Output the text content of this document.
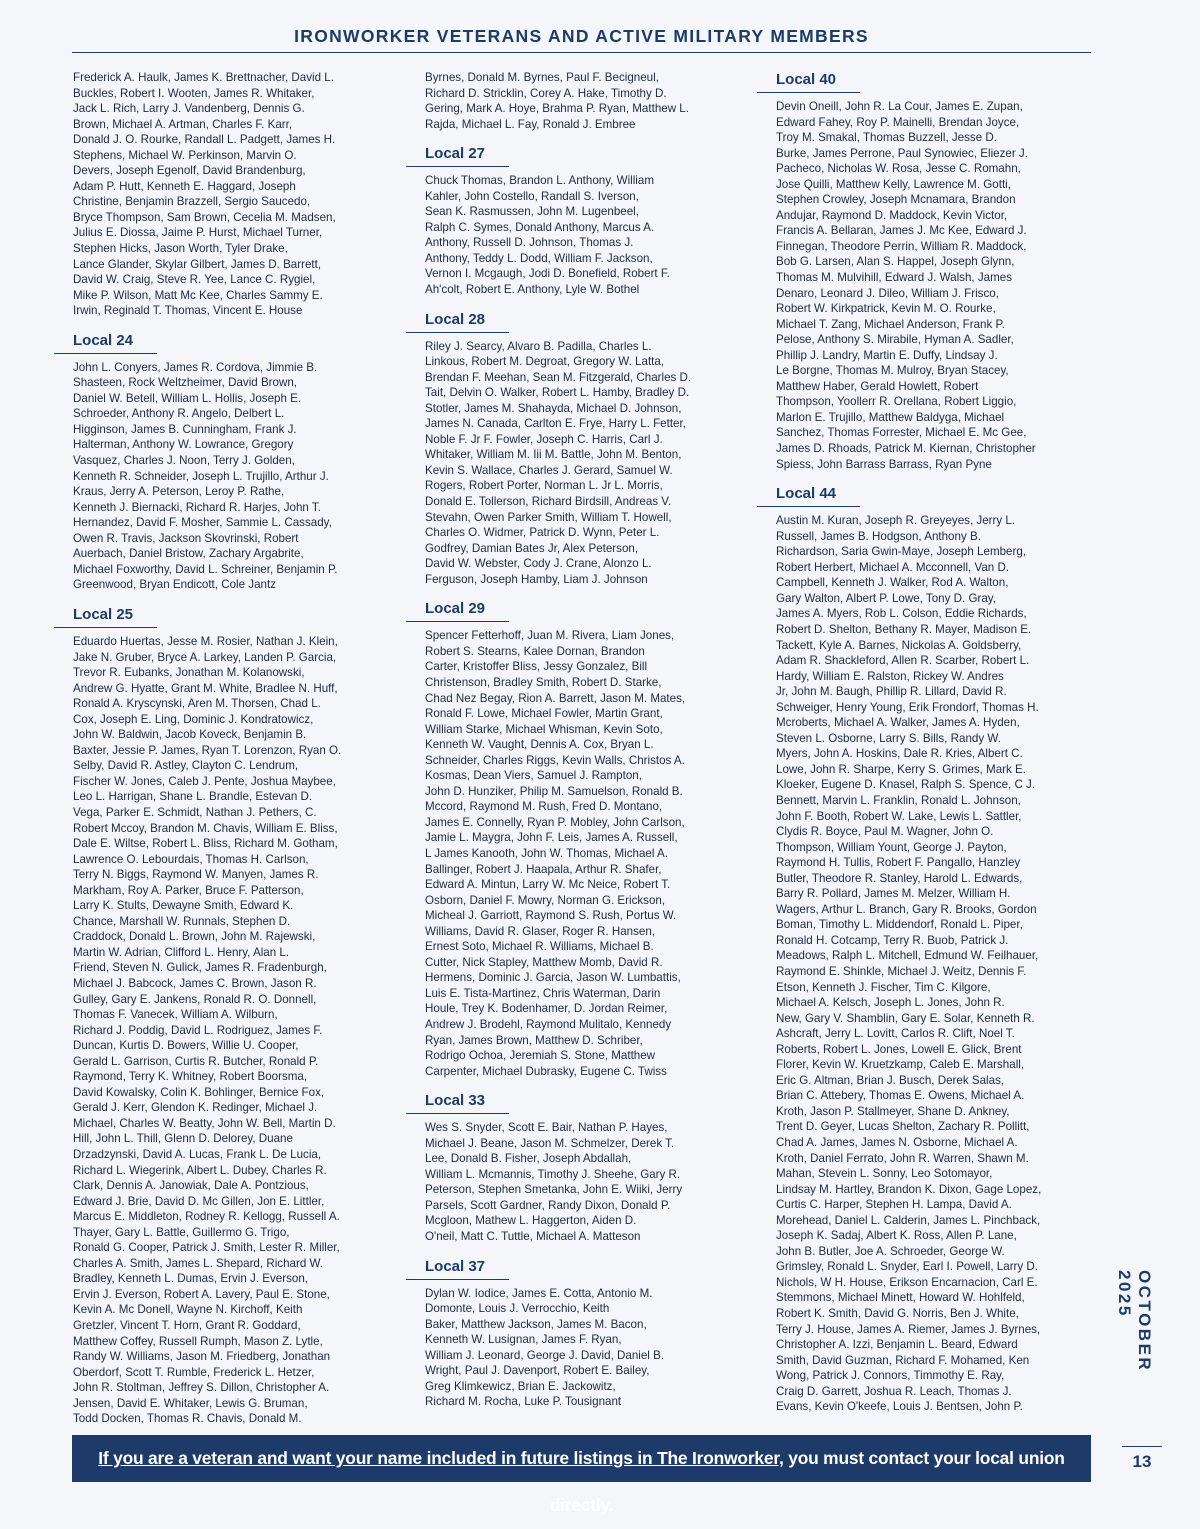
IRONWORKER VETERANS AND ACTIVE MILITARY MEMBERS

Frederick A. Haulk, James K. Brettnacher, David L.

Buckles, Robert I. Wooten, James R. Whitaker,

Jack L. Rich, Larry J. Vandenberg, Dennis G.

Brown, Michael A. Artman, Charles F. Karr,

Donald J. O. Rourke, Randall L. Padgett, James H.

Stephens, Michael W. Perkinson, Marvin O.

Devers, Joseph Egenolf, David Brandenburg,

Adam P. Hutt, Kenneth E. Haggard, Joseph

Christine, Benjamin Brazzell, Sergio Saucedo,

Bryce Thompson, Sam Brown, Cecelia M. Madsen,

Julius E. Diossa, Jaime P. Hurst, Michael Turner,

Stephen Hicks, Jason Worth, Tyler Drake,

Lance Glander, Skylar Gilbert, James D. Barrett,

David W. Craig, Steve R. Yee, Lance C. Rygiel,

Mike P. Wilson, Matt Mc Kee, Charles Sammy E.

Irwin, Reginald T. Thomas, Vincent E. House

Local 24

John L. Conyers, James R. Cordova, Jimmie B.

Shasteen, Rock Weltzheimer, David Brown,

Daniel W. Betell, William L. Hollis, Joseph E.

Schroeder, Anthony R. Angelo, Delbert L.

Higginson, James B. Cunningham, Frank J.

Halterman, Anthony W. Lowrance, Gregory

Vasquez, Charles J. Noon, Terry J. Golden,

Kenneth R. Schneider, Joseph L. Trujillo, Arthur J.

Kraus, Jerry A. Peterson, Leroy P. Rathe,

Kenneth J. Biernacki, Richard R. Harjes, John T.

Hernandez, David F. Mosher, Sammie L. Cassady,

Owen R. Travis, Jackson Skovrinski, Robert

Auerbach, Daniel Bristow, Zachary Argabrite,

Michael Foxworthy, David L. Schreiner, Benjamin P.

Greenwood, Bryan Endicott, Cole Jantz

Local 25

Eduardo Huertas, Jesse M. Rosier, Nathan J. Klein,

Jake N. Gruber, Bryce A. Larkey, Landen P. Garcia,

Trevor R. Eubanks, Jonathan M. Kolanowski,

Andrew G. Hyatte, Grant M. White, Bradlee N. Huff,

Ronald A. Kryscynski, Aren M. Thorsen, Chad L.

Cox, Joseph E. Ling, Dominic J. Kondratowicz,

John W. Baldwin, Jacob Koveck, Benjamin B.

Baxter, Jessie P. James, Ryan T. Lorenzon, Ryan O.

Selby, David R. Astley, Clayton C. Lendrum,

Fischer W. Jones, Caleb J. Pente, Joshua Maybee,

Leo L. Harrigan, Shane L. Brandle, Estevan D.

Vega, Parker E. Schmidt, Nathan J. Pethers, C.

Robert Mccoy, Brandon M. Chavis, William E. Bliss,

Dale E. Wiltse, Robert L. Bliss, Richard M. Gotham,

Lawrence O. Lebourdais, Thomas H. Carlson,

Terry N. Biggs, Raymond W. Manyen, James R.

Markham, Roy A. Parker, Bruce F. Patterson,

Larry K. Stults, Dewayne Smith, Edward K.

Chance, Marshall W. Runnals, Stephen D.

Craddock, Donald L. Brown, John M. Rajewski,

Martin W. Adrian, Clifford L. Henry, Alan L.

Friend, Steven N. Gulick, James R. Fradenburgh,

Michael J. Babcock, James C. Brown, Jason R.

Gulley, Gary E. Jankens, Ronald R. O. Donnell,

Thomas F. Vanecek, William A. Wilburn,

Richard J. Poddig, David L. Rodriguez, James F.

Duncan, Kurtis D. Bowers, Willie U. Cooper,

Gerald L. Garrison, Curtis R. Butcher, Ronald P.

Raymond, Terry K. Whitney, Robert Boorsma,

David Kowalsky, Colin K. Bohlinger, Bernice Fox,

Gerald J. Kerr, Glendon K. Redinger, Michael J.

Michael, Charles W. Beatty, John W. Bell, Martin D.

Hill, John L. Thill, Glenn D. Delorey, Duane

Drzadzynski, David A. Lucas, Frank L. De Lucia,

Richard L. Wiegerink, Albert L. Dubey, Charles R.

Clark, Dennis A. Janowiak, Dale A. Pontzious,

Edward J. Brie, David D. Mc Gillen, Jon E. Littler,

Marcus E. Middleton, Rodney R. Kellogg, Russell A.

Thayer, Gary L. Battle, Guillermo G. Trigo,

Ronald G. Cooper, Patrick J. Smith, Lester R. Miller,

Charles A. Smith, James L. Shepard, Richard W.

Bradley, Kenneth L. Dumas, Ervin J. Everson,

Ervin J. Everson, Robert A. Lavery, Paul E. Stone,

Kevin A. Mc Donell, Wayne N. Kirchoff, Keith

Gretzler, Vincent T. Horn, Grant R. Goddard,

Matthew Coffey, Russell Rumph, Mason Z. Lytle,

Randy W. Williams, Jason M. Friedberg, Jonathan

Oberdorf, Scott T. Rumble, Frederick L. Hetzer,

John R. Stoltman, Jeffrey S. Dillon, Christopher A.

Jensen, David E. Whitaker, Lewis G. Bruman,

Todd Docken, Thomas R. Chavis, Donald M.

Byrnes, Donald M. Byrnes, Paul F. Becigneul,

Richard D. Stricklin, Corey A. Hake, Timothy D.

Gering, Mark A. Hoye, Brahma P. Ryan, Matthew L.

Rajda, Michael L. Fay, Ronald J. Embree

Local 27

Chuck Thomas, Brandon L. Anthony, William

Kahler, John Costello, Randall S. Iverson,

Sean K. Rasmussen, John M. Lugenbeel,

Ralph C. Symes, Donald Anthony, Marcus A.

Anthony, Russell D. Johnson, Thomas J.

Anthony, Teddy L. Dodd, William F. Jackson,

Vernon I. Mcgaugh, Jodi D. Bonefield, Robert F.

Ah'colt, Robert E. Anthony, Lyle W. Bothel

Local 28

Riley J. Searcy, Alvaro B. Padilla, Charles L.

Linkous, Robert M. Degroat, Gregory W. Latta,

Brendan F. Meehan, Sean M. Fitzgerald, Charles D.

Tait, Delvin O. Walker, Robert L. Hamby, Bradley D.

Stotler, James M. Shahayda, Michael D. Johnson,

James N. Canada, Carlton E. Frye, Harry L. Fetter,

Noble F. Jr F. Fowler, Joseph C. Harris, Carl J.

Whitaker, William M. Iii M. Battle, John M. Benton,

Kevin S. Wallace, Charles J. Gerard, Samuel W.

Rogers, Robert Porter, Norman L. Jr L. Morris,

Donald E. Tollerson, Richard Birdsill, Andreas V.

Stevahn, Owen Parker Smith, William T. Howell,

Charles O. Widmer, Patrick D. Wynn, Peter L.

Godfrey, Damian Bates Jr, Alex Peterson,

David W. Webster, Cody J. Crane, Alonzo L.

Ferguson, Joseph Hamby, Liam J. Johnson

Local 29

Spencer Fetterhoff, Juan M. Rivera, Liam Jones,

Robert S. Stearns, Kalee Dornan, Brandon

Carter, Kristoffer Bliss, Jessy Gonzalez, Bill

Christenson, Bradley Smith, Robert D. Starke,

Chad Nez Begay, Rion A. Barrett, Jason M. Mates,

Ronald F. Lowe, Michael Fowler, Martin Grant,

William Starke, Michael Whisman, Kevin Soto,

Kenneth W. Vaught, Dennis A. Cox, Bryan L.

Schneider, Charles Riggs, Kevin Walls, Christos A.

Kosmas, Dean Viers, Samuel J. Rampton,

John D. Hunziker, Philip M. Samuelson, Ronald B.

Mccord, Raymond M. Rush, Fred D. Montano,

James E. Connelly, Ryan P. Mobley, John Carlson,

Jamie L. Maygra, John F. Leis, James A. Russell,

L James Kanooth, John W. Thomas, Michael A.

Ballinger, Robert J. Haapala, Arthur R. Shafer,

Edward A. Mintun, Larry W. Mc Neice, Robert T.

Osborn, Daniel F. Mowry, Norman G. Erickson,

Micheal J. Garriott, Raymond S. Rush, Portus W.

Williams, David R. Glaser, Roger R. Hansen,

Ernest Soto, Michael R. Williams, Michael B.

Cutter, Nick Stapley, Matthew Momb, David R.

Hermens, Dominic J. Garcia, Jason W. Lumbattis,

Luis E. Tista-Martinez, Chris Waterman, Darin

Houle, Trey K. Bodenhamer, D. Jordan Reimer,

Andrew J. Brodehl, Raymond Mulitalo, Kennedy

Ryan, James Brown, Matthew D. Schriber,

Rodrigo Ochoa, Jeremiah S. Stone, Matthew

Carpenter, Michael Dubrasky, Eugene C. Twiss

Local 33

Wes S. Snyder, Scott E. Bair, Nathan P. Hayes,

Michael J. Beane, Jason M. Schmelzer, Derek T.

Lee, Donald B. Fisher, Joseph Abdallah,

William L. Mcmannis, Timothy J. Sheehe, Gary R.

Peterson, Stephen Smetanka, John E. Wiiki, Jerry

Parsels, Scott Gardner, Randy Dixon, Donald P.

Mcgloon, Mathew L. Haggerton, Aiden D.

O'neil, Matt C. Tuttle, Michael A. Matteson

Local 37

Dylan W. Iodice, James E. Cotta, Antonio M.

Domonte, Louis J. Verrocchio, Keith

Baker, Matthew Jackson, James M. Bacon,

Kenneth W. Lusignan, James F. Ryan,

William J. Leonard, George J. David, Daniel B.

Wright, Paul J. Davenport, Robert E. Bailey,

Greg Klimkewicz, Brian E. Jackowitz,

Richard M. Rocha, Luke P. Tousignant

Local 40

Devin Oneill, John R. La Cour, James E. Zupan,

Edward Fahey, Roy P. Mainelli, Brendan Joyce,

Troy M. Smakal, Thomas Buzzell, Jesse D.

Burke, James Perrone, Paul Synowiec, Eliezer J.

Pacheco, Nicholas W. Rosa, Jesse C. Romahn,

Jose Quilli, Matthew Kelly, Lawrence M. Gotti,

Stephen Crowley, Joseph Mcnamara, Brandon

Andujar, Raymond D. Maddock, Kevin Victor,

Francis A. Bellaran, James J. Mc Kee, Edward J.

Finnegan, Theodore Perrin, William R. Maddock,

Bob G. Larsen, Alan S. Happel, Joseph Glynn,

Thomas M. Mulvihill, Edward J. Walsh, James

Denaro, Leonard J. Dileo, William J. Frisco,

Robert W. Kirkpatrick, Kevin M. O. Rourke,

Michael T. Zang, Michael Anderson, Frank P.

Pelose, Anthony S. Mirabile, Hyman A. Sadler,

Phillip J. Landry, Martin E. Duffy, Lindsay J.

Le Borgne, Thomas M. Mulroy, Bryan Stacey,

Matthew Haber, Gerald Howlett, Robert

Thompson, Yoollerr R. Orellana, Robert Liggio,

Marlon E. Trujillo, Matthew Baldyga, Michael

Sanchez, Thomas Forrester, Michael E. Mc Gee,

James D. Rhoads, Patrick M. Kiernan, Christopher

Spiess, John Barrass Barrass, Ryan Pyne

Local 44

Austin M. Kuran, Joseph R. Greyeyes, Jerry L.

Russell, James B. Hodgson, Anthony B.

Richardson, Saria Gwin-Maye, Joseph Lemberg,

Robert Herbert, Michael A. Mcconnell, Van D.

Campbell, Kenneth J. Walker, Rod A. Walton,

Gary Walton, Albert P. Lowe, Tony D. Gray,

James A. Myers, Rob L. Colson, Eddie Richards,

Robert D. Shelton, Bethany R. Mayer, Madison E.

Tackett, Kyle A. Barnes, Nickolas A. Goldsberry,

Adam R. Shackleford, Allen R. Scarber, Robert L.

Hardy, William E. Ralston, Rickey W. Andres

Jr, John M. Baugh, Phillip R. Lillard, David R.

Schweiger, Henry Young, Erik Frondorf, Thomas H.

Mcroberts, Michael A. Walker, James A. Hyden,

Steven L. Osborne, Larry S. Bills, Randy W.

Myers, John A. Hoskins, Dale R. Kries, Albert C.

Lowe, John R. Sharpe, Kerry S. Grimes, Mark E.

Kloeker, Eugene D. Knasel, Ralph S. Spence, C J.

Bennett, Marvin L. Franklin, Ronald L. Johnson,

John F. Booth, Robert W. Lake, Lewis L. Sattler,

Clydis R. Boyce, Paul M. Wagner, John O.

Thompson, William Yount, George J. Payton,

Raymond H. Tullis, Robert F. Pangallo, Hanzley

Butler, Theodore R. Stanley, Harold L. Edwards,

Barry R. Pollard, James M. Melzer, William H.

Wagers, Arthur L. Branch, Gary R. Brooks, Gordon

Boman, Timothy L. Middendorf, Ronald L. Piper,

Ronald H. Cotcamp, Terry R. Buob, Patrick J.

Meadows, Ralph L. Mitchell, Edmund W. Feilhauer,

Raymond E. Shinkle, Michael J. Weitz, Dennis F.

Etson, Kenneth J. Fischer, Tim C. Kilgore,

Michael A. Kelsch, Joseph L. Jones, John R.

New, Gary V. Shamblin, Gary E. Solar, Kenneth R.

Ashcraft, Jerry L. Lovitt, Carlos R. Clift, Noel T.

Roberts, Robert L. Jones, Lowell E. Glick, Brent

Florer, Kevin W. Kruetzkamp, Caleb E. Marshall,

Eric G. Altman, Brian J. Busch, Derek Salas,

Brian C. Attebery, Thomas E. Owens, Michael A.

Kroth, Jason P. Stallmeyer, Shane D. Ankney,

Trent D. Geyer, Lucas Shelton, Zachary R. Pollitt,

Chad A. James, James N. Osborne, Michael A.

Kroth, Daniel Ferrato, John R. Warren, Shawn M.

Mahan, Stevein L. Sonny, Leo Sotomayor,

Lindsay M. Hartley, Brandon K. Dixon, Gage Lopez,

Curtis C. Harper, Stephen H. Lampa, David A.

Morehead, Daniel L. Calderin, James L. Pinchback,

Joseph K. Sadaj, Albert K. Ross, Allen P. Lane,

John B. Butler, Joe A. Schroeder, George W.

Grimsley, Ronald L. Snyder, Earl I. Powell, Larry D.

Nichols, W H. House, Erikson Encarnacion, Carl E.

Stemmons, Michael Minett, Howard W. Hohlfeld,

Robert K. Smith, David G. Norris, Ben J. White,

Terry J. House, James A. Riemer, James J. Byrnes,

Christopher A. Izzi, Benjamin L. Beard, Edward

Smith, David Guzman, Richard F. Mohamed, Ken

Wong, Patrick J. Connors, Timmothy E. Ray,

Craig D. Garrett, Joshua R. Leach, Thomas J.

Evans, Kevin O'keefe, Louis J. Bentsen, John P.

If you are a veteran and want your name included in future listings in The Ironworker, you must contact your local union directly.
OCTOBER 2025
13
